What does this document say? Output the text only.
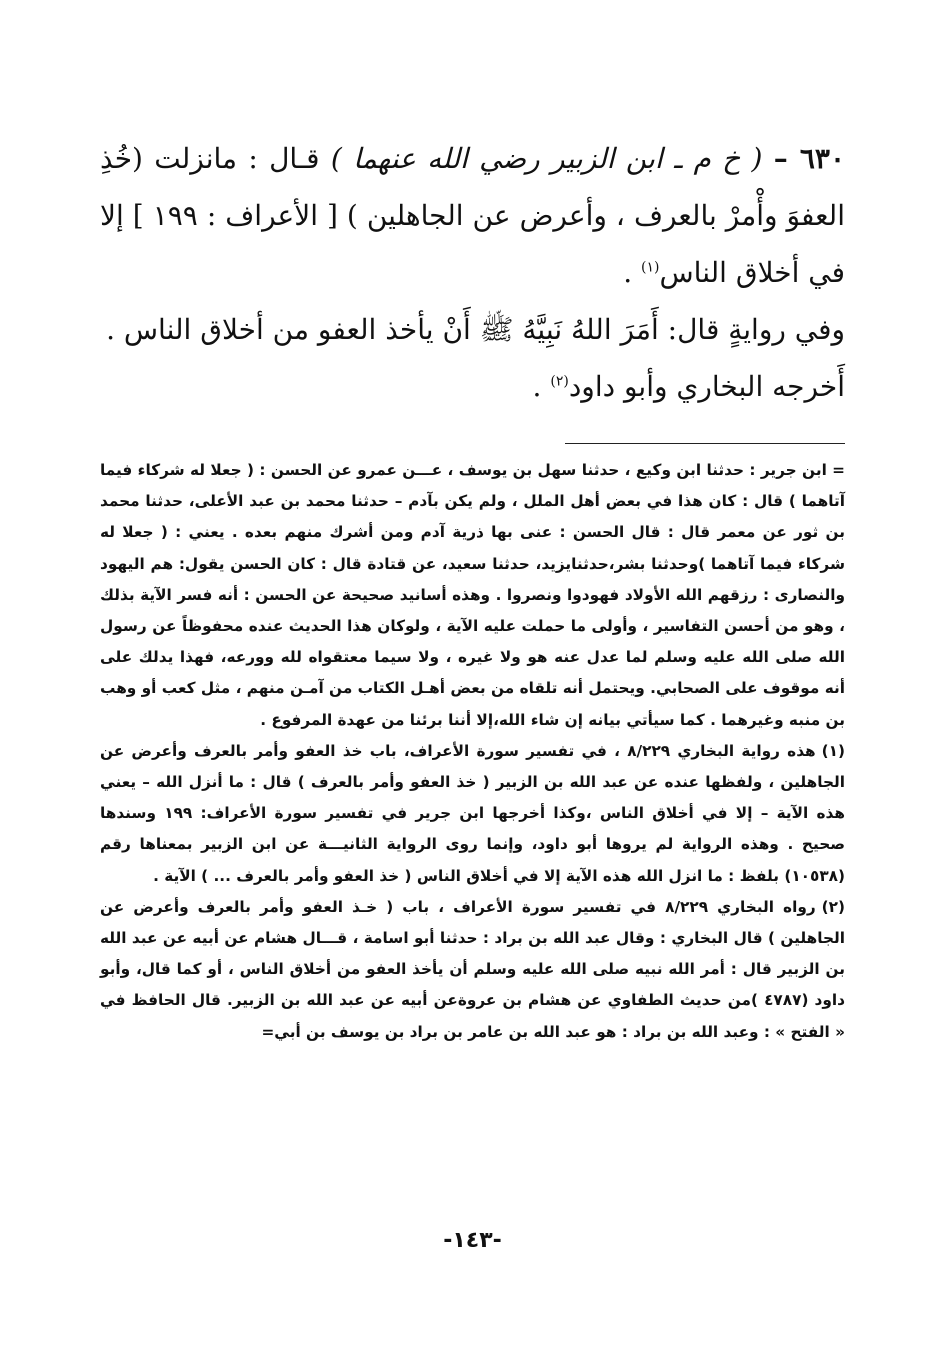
٦٣٠ – ( خ م ـ ابن الزبير رضي الله عنهما ) قـال : مانزلت (خُذِ العفوَ وأْمرْ بالعرف ، وأعرض عن الجاهلين ) [ الأعراف : ١٩٩ ] إلا في أخلاق الناس$^{(١)}$ .

وفي روايةٍ قال: أَمَرَ اللهُ نَبِيَّهُ ﷺ أَنْ يأخذ العفو من أخلاق الناس .

أَخرجه البخاري وأبو داود$^{(٢)}$ .

= ابن جرير : حدثنا ابن وكيع ، حدثنا سهل بن يوسف ، عـــن عمرو عن الحسن : ( جعلا له شركاء فيما آتاهما ) قال : كان هذا في بعض أهل الملل ، ولم يكن بآدم – حدثنا محمد بن عبد الأعلى، حدثنا محمد بن ثور عن معمر قال : قال الحسن : عنى بها ذرية آدم ومن أشرك منهم بعده . يعني : ( جعلا له شركاء فيما آتاهما )وحدثنا بشر،حدثنايزيد، حدثنا سعيد، عن قتادة قال : كان الحسن يقول: هم اليهود والنصارى : رزقهم الله الأولاد فهودوا ونصروا . وهذه أسانيد صحيحة عن الحسن : أنه فسر الآية بذلك ، وهو من أحسن التفاسير ، وأولى ما حملت عليه الآية ، ولوكان هذا الحديث عنده محفوظاً عن رسول الله صلى الله عليه وسلم لما عدل عنه هو ولا غيره ، ولا سيما معتقواه لله وورعه، فهذا يدلك على أنه موقوف على الصحابي. ويحتمل أنه تلقاه من بعض أهـل الكتاب من آمـن منهم ، مثل كعب أو وهب بن منبه وغيرهما . كما سيأتي بيانه إن شاء الله،إلا أننا برئنا من عهدة المرفوع .

(١)هذه رواية البخاري ٨/٢٢٩ ، في تفسير سورة الأعراف، باب خذ العفو وأمر بالعرف وأعرض عن الجاهلين ، ولفظها عنده عن عبد الله بن الزبير ( خذ العفو وأمر بالعرف ) قال : ما أنزل الله – يعني هذه الآية – إلا في أخلاق الناس ،وكذا أخرجها ابن جرير في تفسير سورة الأعراف: ١٩٩ وسندها صحيح . وهذه الرواية لم يروها أبو داود، وإنما روى الرواية الثانيـــة عن ابن الزبير بمعناها رقم (١٠٥٣٨) بلفظ : ما انزل الله هذه الآية إلا في أخلاق الناس ( خذ العفو وأمر بالعرف ... ) الآية .

(٢)رواه البخاري ٨/٢٢٩ في تفسير سورة الأعراف ، باب ( خـذ العفو وأمر بالعرف وأعرض عن الجاهلين ) قال البخاري : وقال عبد الله بن براد : حدثنا أبو اسامة ، قـــال هشام عن أبيه عن عبد الله بن الزبير قال : أمر الله نبيه صلى الله عليه وسلم أن يأخذ العفو من أخلاق الناس ، أو كما قال، وأبو داود (٤٧٨٧ )من حديث الطفاوي عن هشام بن عروةعن أبيه عن عبد الله بن الزبير. قال الحافظ في « الفتح » : وعبد الله بن براد : هو عبد الله بن عامر بن براد بن يوسف بن أبي=

-١٤٣-
